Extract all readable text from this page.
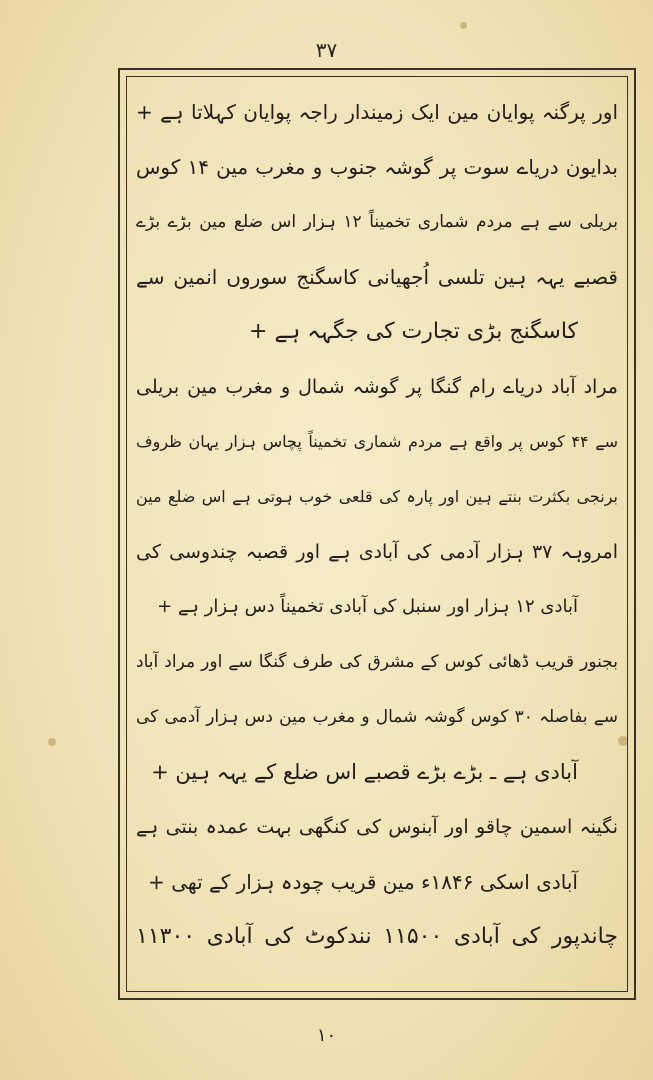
۳۷
اور پرگنہ پوایان مین ایک زمیندار راجہ پوایان کہلاتا ہے +
بدایون دریاے سوت پر گوشہ جنوب و مغرب مین ۱۴ کوس
بریلی سے ہے مردم شماری تخمیناً ۱۲ ہزار اس ضلع مین بڑے بڑے
قصبے یہہ ہین تلسی اُجھیانی کاسگنج سوروں انمین سے
کاسگنج بڑی تجارت کی جگہہ ہے +
مراد آباد دریاے رام گنگا پر گوشہ شمال و مغرب مین بریلی
سے ۴۴ کوس پر واقع ہے مردم شماری تخمیناً پچاس ہزار یہان ظروف
برنجی بکثرت بنتے ہین اور پارہ کی قلعی خوب ہوتی ہے اس ضلع مین
امروہہ ۳۷ ہزار آدمی کی آبادی ہے اور قصبہ چندوسی کی
آبادی ۱۲ ہزار اور سنبل کی آبادی تخمیناً دس ہزار ہے +
بجنور قریب ڈھائی کوس کے مشرق کی طرف گنگا سے اور مراد آباد
سے بفاصلہ ۳۰ کوس گوشہ شمال و مغرب مین دس ہزار آدمی کی
آبادی ہے ـ بڑے بڑے قصبے اس ضلع کے یہہ ہین +
نگینہ اسمین چاقو اور آبنوس کی کنگھی بہت عمدہ بنتی ہے
آبادی اسکی ۱۸۴۶ء مین قریب چودہ ہزار کے تھی +
چاندپور کی آبادی ۱۱۵۰۰ نندکوٹ کی آبادی ۱۱۳۰۰
۱۰
